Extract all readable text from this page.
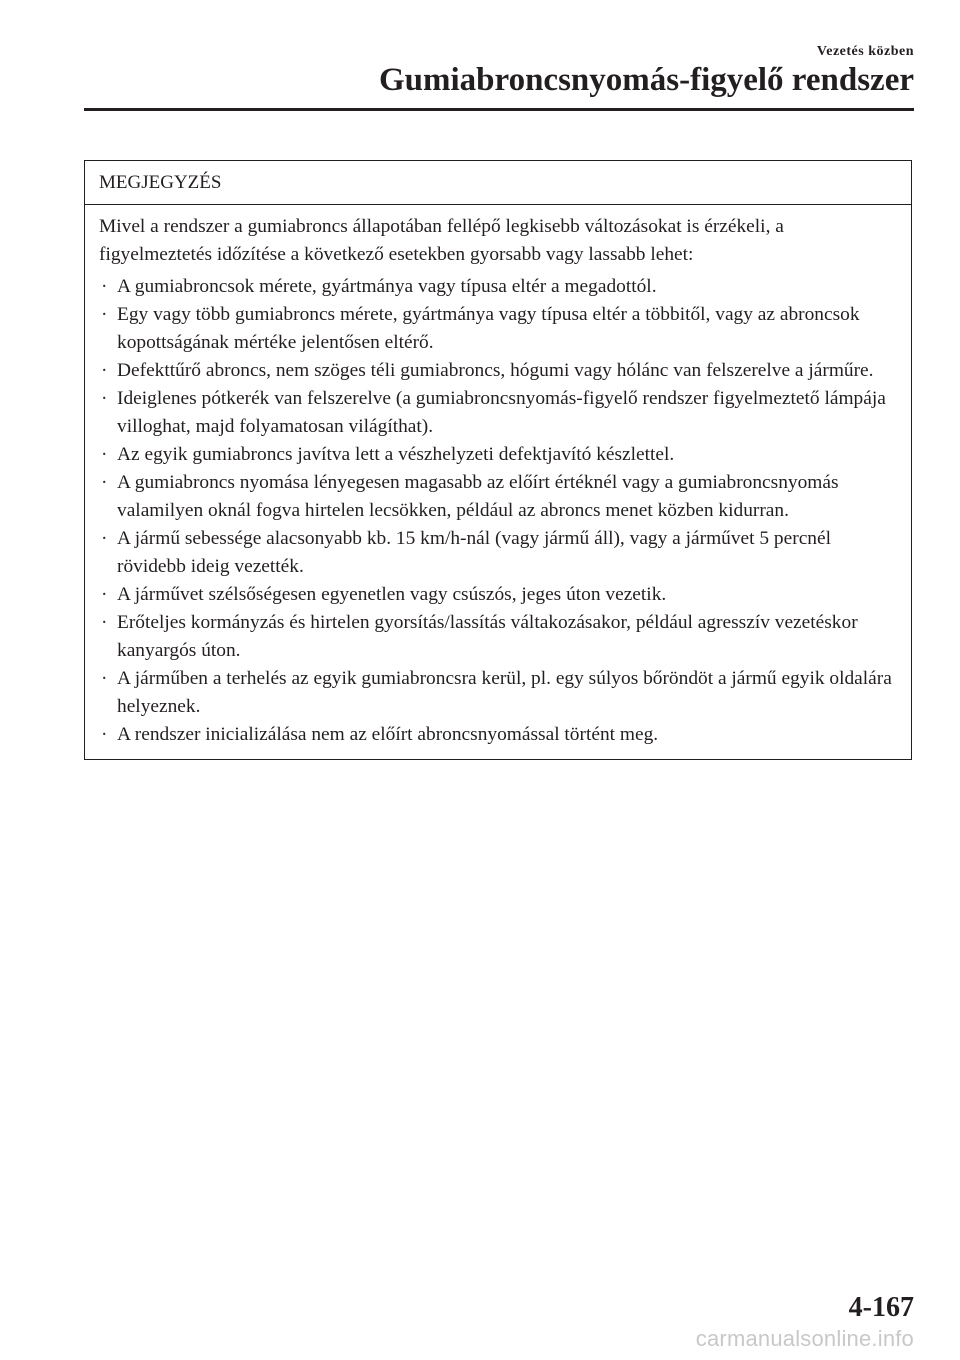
Vezetés közben

Gumiabroncsnyomás-figyelő rendszer
MEGJEGYZÉS

Mivel a rendszer a gumiabroncs állapotában fellépő legkisebb változásokat is érzékeli, a figyelmeztetés időzítése a következő esetekben gyorsabb vagy lassabb lehet:

· A gumiabroncsok mérete, gyártmánya vagy típusa eltér a megadottól.
· Egy vagy több gumiabroncs mérete, gyártmánya vagy típusa eltér a többitől, vagy az abroncsok kopottságának mértéke jelentősen eltérő.
· Defekttűrő abroncs, nem szöges téli gumiabroncs, hógumi vagy hólánc van felszerelve a járműre.
· Ideiglenes pótkerék van felszerelve (a gumiabroncsnyomás-figyelő rendszer figyelmeztető lámpája villoghat, majd folyamatosan világíthat).
· Az egyik gumiabroncs javítva lett a vészhelyzeti defektjavító készlettel.
· A gumiabroncs nyomása lényegesen magasabb az előírt értéknél vagy a gumiabroncsnyomás valamilyen oknál fogva hirtelen lecsökken, például az abroncs menet közben kidurran.
· A jármű sebessége alacsonyabb kb. 15 km/h-nál (vagy jármű áll), vagy a járművet 5 percnél rövidebb ideig vezették.
· A járművet szélsőségesen egyenetlen vagy csúszós, jeges úton vezetik.
· Erőteljes kormányzás és hirtelen gyorsítás/lassítás váltakozásakor, például agresszív vezetéskor kanyargós úton.
· A járműben a terhelés az egyik gumiabroncsra kerül, pl. egy súlyos bőröndöt a jármű egyik oldalára helyeznek.
· A rendszer inicializálása nem az előírt abroncsnyomással történt meg.

4-167

carmanualsonline.info
